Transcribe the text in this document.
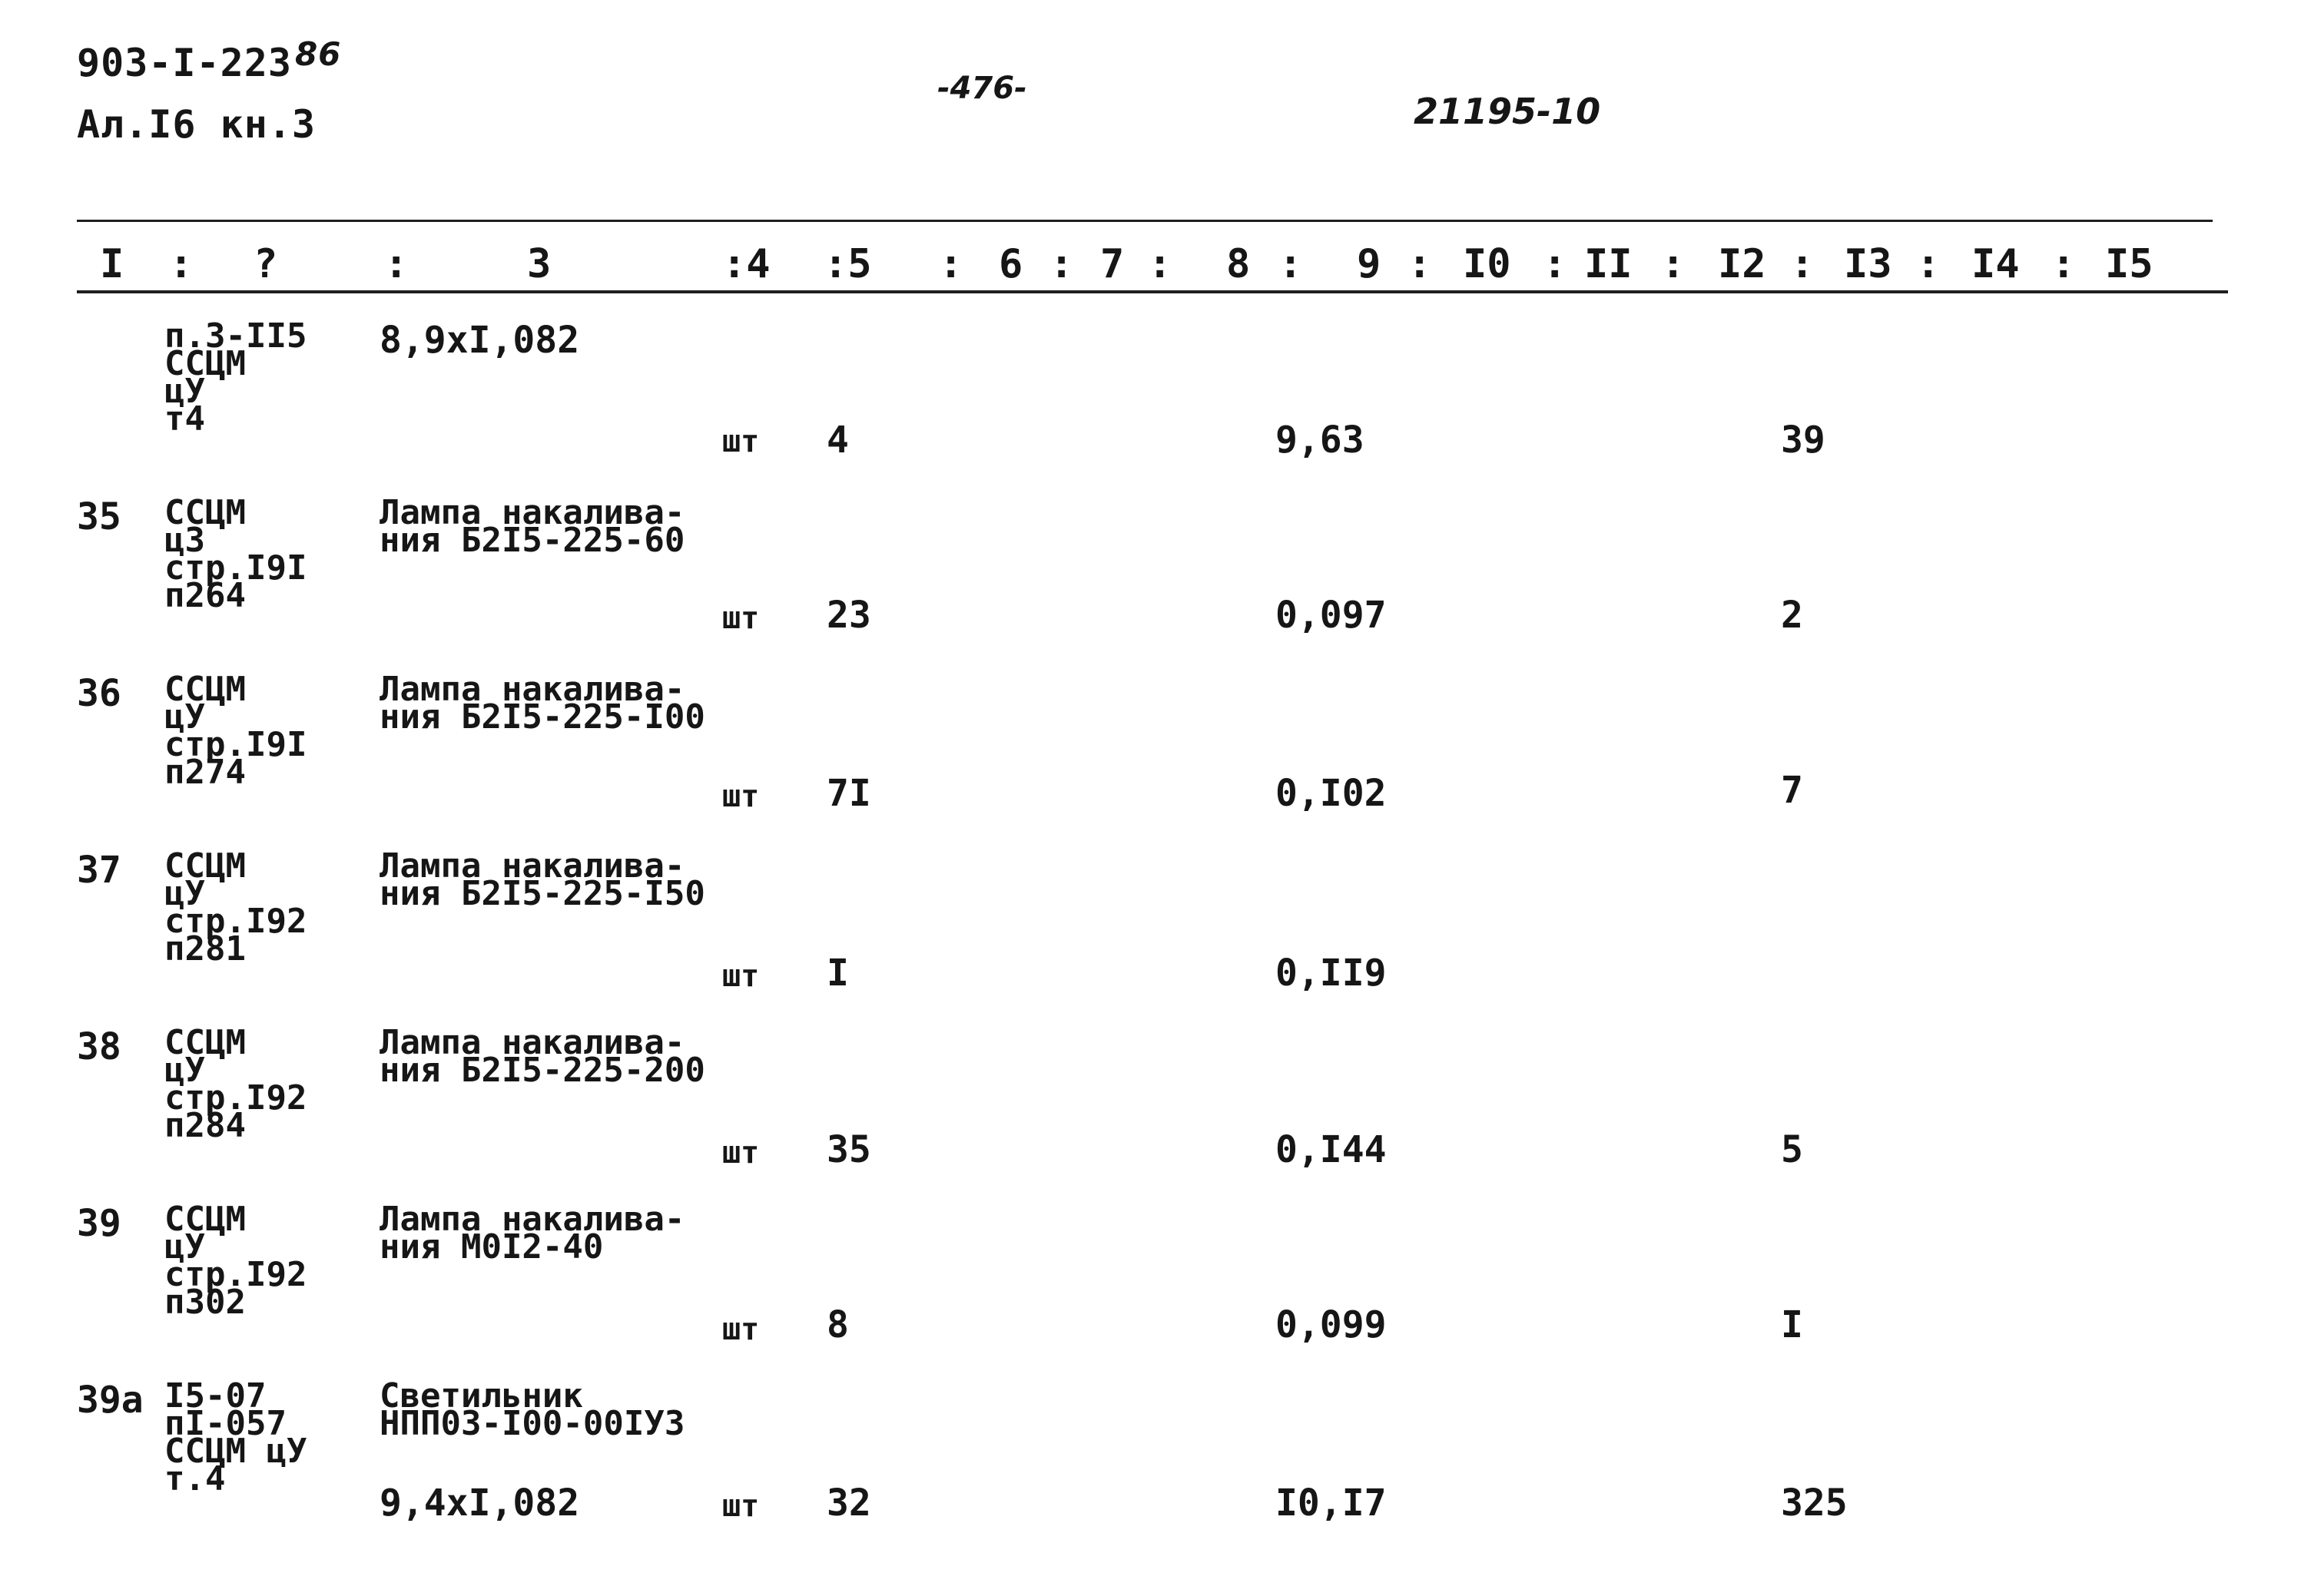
$903-I-223^{86}$
Ал.I6 кн.3
-476-
21195-10
I : ?	:	3	:4 :5 : 6 : 7 : 8 : 9 : I0 : II : I2 : I3 : I4 : I5
п.3-II5
ССЦМ
цУ
т4
8,9хI,082
шт 4	9,63	39
35 ССЦМ
ц3
стр.I9I
п264
Лампа накалива-
ния Б2I5-225-60
шт 23	0,097	2
36 ССЦМ
цУ
стр.I9I
п274
Лампа накалива-
ния Б2I5-225-I00
шт 7I	0,I02	7
37 ССЦМ
цУ
стр.I92
п281
Лампа накалива-
ния Б2I5-225-I50
шт I	0,II9
38 ССЦМ
цУ
стр.I92
п284
Лампа накалива-
ния Б2I5-225-200
шт 35	0,I44	5
39 ССЦМ
цУ
стр.I92
п302
Лампа накалива-
ния М0I2-40
шт 8	0,099	I
39а I5-07
пI-057
ССЦМ цУ
т.4
Светильник
НПП03-I00-00IУ3
9,4хI,082	шт 32	I0,I7	325
